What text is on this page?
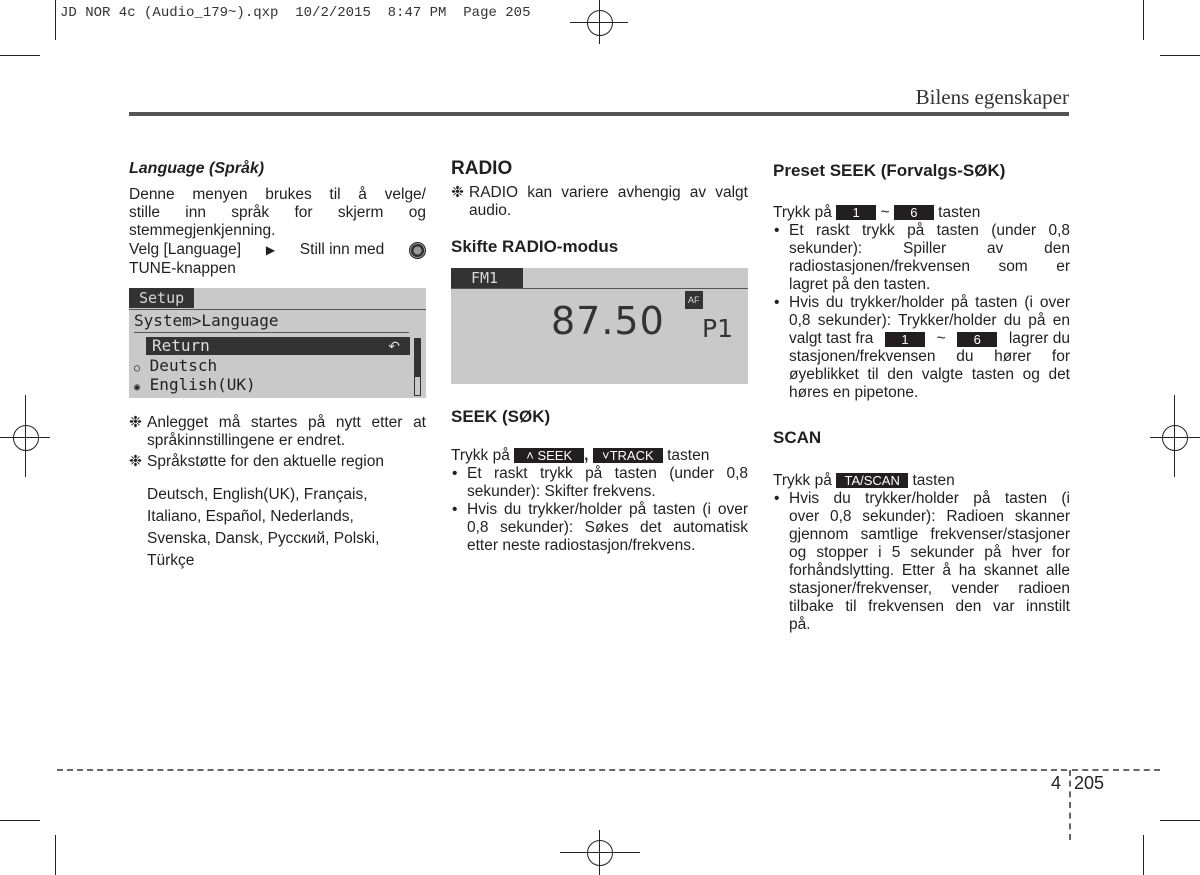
JD NOR 4c (Audio_179~).qxp  10/2/2015  8:47 PM  Page 205
Bilens egenskaper

Language (Språk)

Denne menyen brukes til å velge/

stille inn språk for skjerm og

stemmegjenkjenning.

Velg [Language] ▶ Still inn med

TUNE-knappen

Setup
System>Language
Return	↶
○ Deutsch
◉ English(UK)
❉ Anlegget må startes på nytt etter at

språkinnstillingene er endret.

❉ Språkstøtte for den aktuelle region

Deutsch, English(UK), Français,

Italiano, Español, Nederlands,

Svenska, Dansk, Русский, Polski,

Türkçe

RADIO

❉ RADIO kan variere avhengig av valgt

audio.

Skifte RADIO-modus

FM1
AF
87.50 P1

SEEK (SØK)

Trykk på ˄ SEEK , ˅TRACK tasten

• Et raskt trykk på tasten (under 0,8

sekunder): Skifter frekvens.

• Hvis du trykker/holder på tasten (i over

0,8 sekunder): Søkes det automatisk

etter neste radiostasjon/frekvens.

Preset SEEK (Forvalgs-SØK)

Trykk på 1 ~ 6 tasten

• Et raskt trykk på tasten (under 0,8

sekunder): Spiller av den

radiostasjonen/frekvensen som er

lagret på den tasten.

• Hvis du trykker/holder på tasten (i over

0,8 sekunder): Trykker/holder du på en

valgt tast fra	1	~	6	lagrer du

stasjonen/frekvensen du hører for

øyeblikket til den valgte tasten og det

høres en pipetone.

SCAN

Trykk på TA/SCAN tasten

• Hvis du trykker/holder på tasten (i

over 0,8 sekunder): Radioen skanner

gjennom samtlige frekvenser/stasjoner

og stopper i 5 sekunder på hver for

forhåndslytting. Etter å ha skannet alle

stasjoner/frekvenser, vender radioen

tilbake til frekvensen den var innstilt

på.

4 205
